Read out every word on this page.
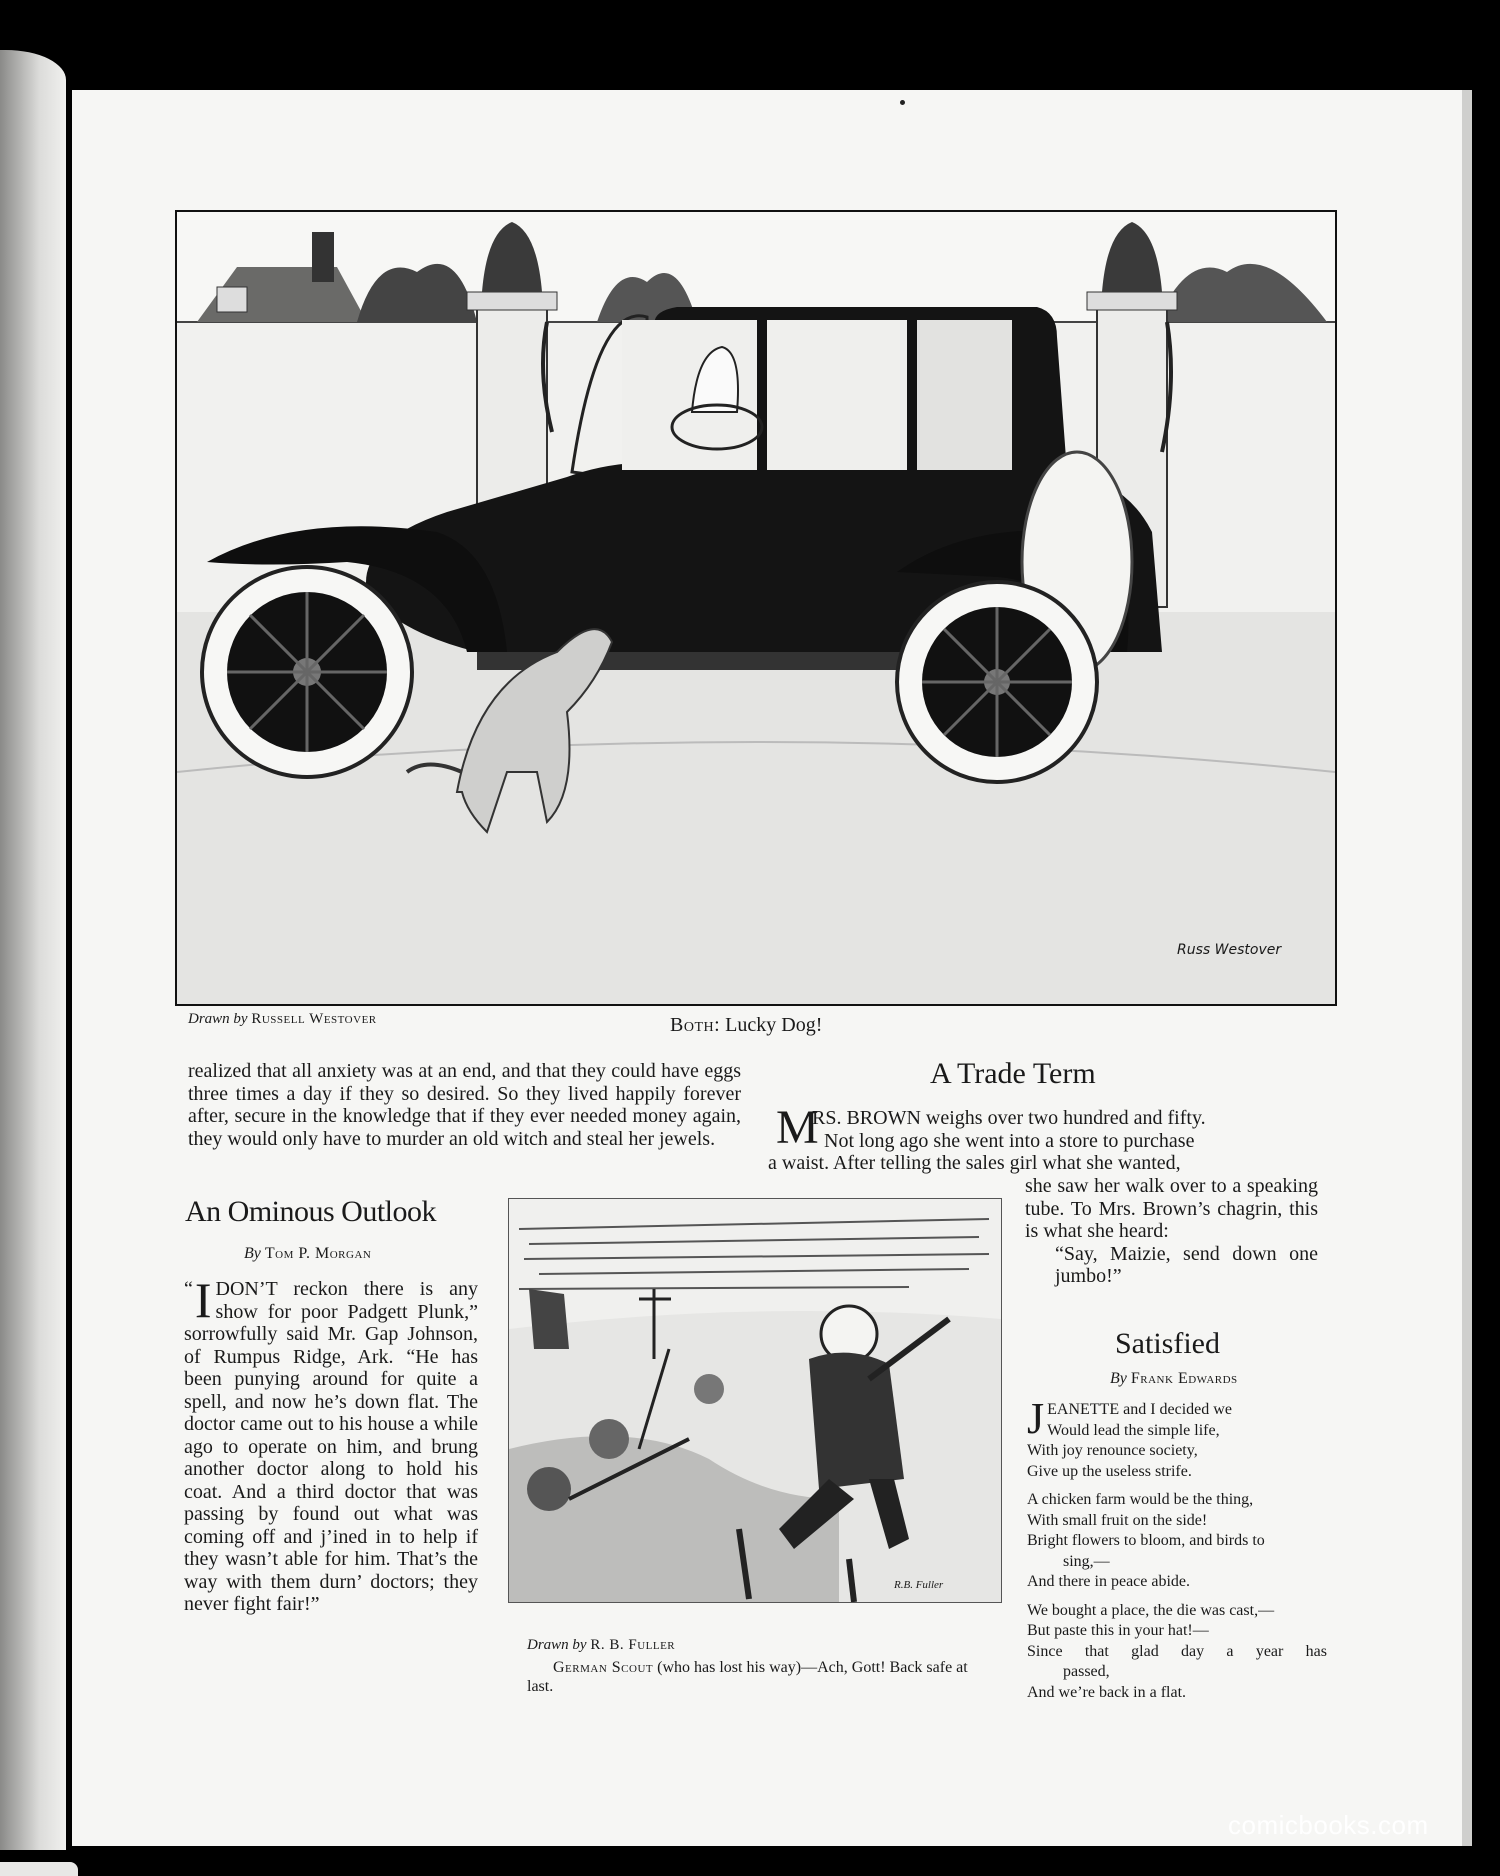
Russ Westover
Drawn by Russell Westover	Both: Lucky Dog!

realized that all anxiety was at an end, and that they could have eggs three times a day if they so desired. So they lived happily forever after, secure in the knowledge that if they ever needed money again, they would only have to murder an old witch and steal her jewels.

A Trade Term
M
RS. BROWN weighs over two hundred and fifty.
Not long ago she went into a store to purchase
a waist. After telling the sales girl what she wanted,

she saw her walk over to a speaking tube. To Mrs. Brown’s chagrin, this is what she heard:

“Say, Maizie, send down one jumbo!”

An Ominous Outlook
By Tom P. Morgan
“ I DON’T reckon there is any show for poor Padgett Plunk,” sorrowfully said Mr. Gap Johnson, of Rumpus Ridge, Ark. “He has been punying around for quite a spell, and now he’s down flat. The doctor came out to his house a while ago to operate on him, and brung another doctor along to hold his coat. And a third doctor that was passing by found out what was coming off and j’ined in to help if they wasn’t able for him. That’s the way with them durn’ doctors; they never fight fair!”

R.B. Fuller
Drawn by R. B. Fuller
German Scout (who has lost his way)—Ach, Gott! Back safe at last.
Satisfied
By Frank Edwards
J EANETTE and I decided we

Would lead the simple life,

With joy renounce society,

Give up the useless strife.

A chicken farm would be the thing,

With small fruit on the side!

Bright flowers to bloom, and birds to

sing,—

And there in peace abide.

We bought a place, the die was cast,—

But paste this in your hat!—

Since that glad day a year has

passed,

And we’re back in a flat.

comicbooks.com
